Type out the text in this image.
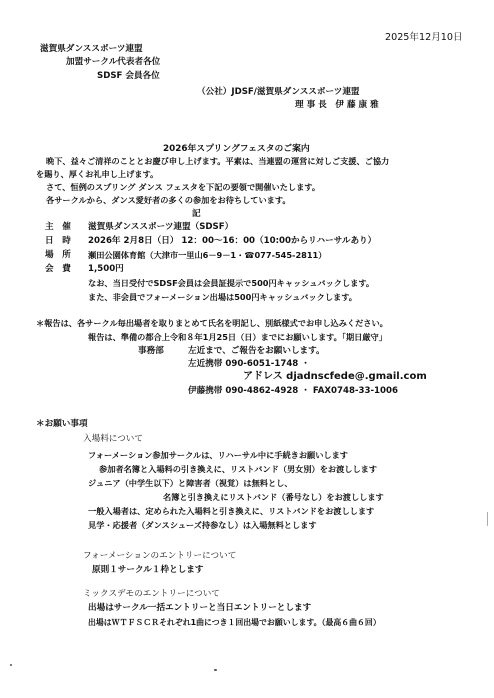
2025年12月10日
滋賀県ダンススポーツ連盟
加盟サークル代表者各位
SDSF 会員各位
（公社）JDSF/滋賀県ダンススポーツ連盟
理 事 長　伊 藤 康 雅
2026年スプリングフェスタのご案内
晩下、益々ご清祥のこととお慶び申し上げます。平素は、当連盟の運営に対しご支援、ご協力
を賜り、厚くお礼申し上げます。
さて、恒例のスプリング ダンス フェスタを下記の要領で開催いたします。
各サークルから、ダンス愛好者の多くの参加をお待ちしています。
記
主　催 滋賀県ダンススポーツ連盟（SDSF）
日　時 2026年 2月8日（日） 12：00～16：00（10:00からリハーサルあり）
場　所 瀬田公園体育館（大津市一里山6－9－1・☎077-545-2811）
会　費 1,500円
なお、当日受付でSDSF会員は会員証提示で500円キャッシュバックします。
また、非会員でフォーメーション出場は500円キャッシュバックします。
＊報告は、各サークル毎出場者を取りまとめて氏名を明記し、別紙様式でお申し込みください。
報告は、準備の都合上令和８年1月25日（日）までにお願いします。「期日厳守」
事務部	左近まで、ご報告をお願いします。
左近携帯 090-6051-1748 ・
アドレス djadnscfede@.gmail.com
伊藤携帯 090-4862-4928 ・ FAX0748-33-1006
＊お願い事項
入場料について
フォーメーション参加サークルは、リハーサル中に手続きお願いします
参加者名簿と入場料の引き換えに、リストバンド（男女別）をお渡しします
ジュニア（中学生以下）と障害者（視覚）は無料とし、
名簿と引き換えにリストバンド（番号なし）をお渡しします
一般入場者は、定められた入場料と引き換えに、リストバンドをお渡しします
見学・応援者（ダンスシューズ持参なし）は入場無料とします
フォーメーションのエントリーについて
原則１サークル１枠とします
ミックスデモのエントリーについて
出場はサークル一括エントリーと当日エントリーとします
出場はＷＴＦＳＣＲそれぞれ1曲につき１回出場でお願いします。（最高６曲６回）
